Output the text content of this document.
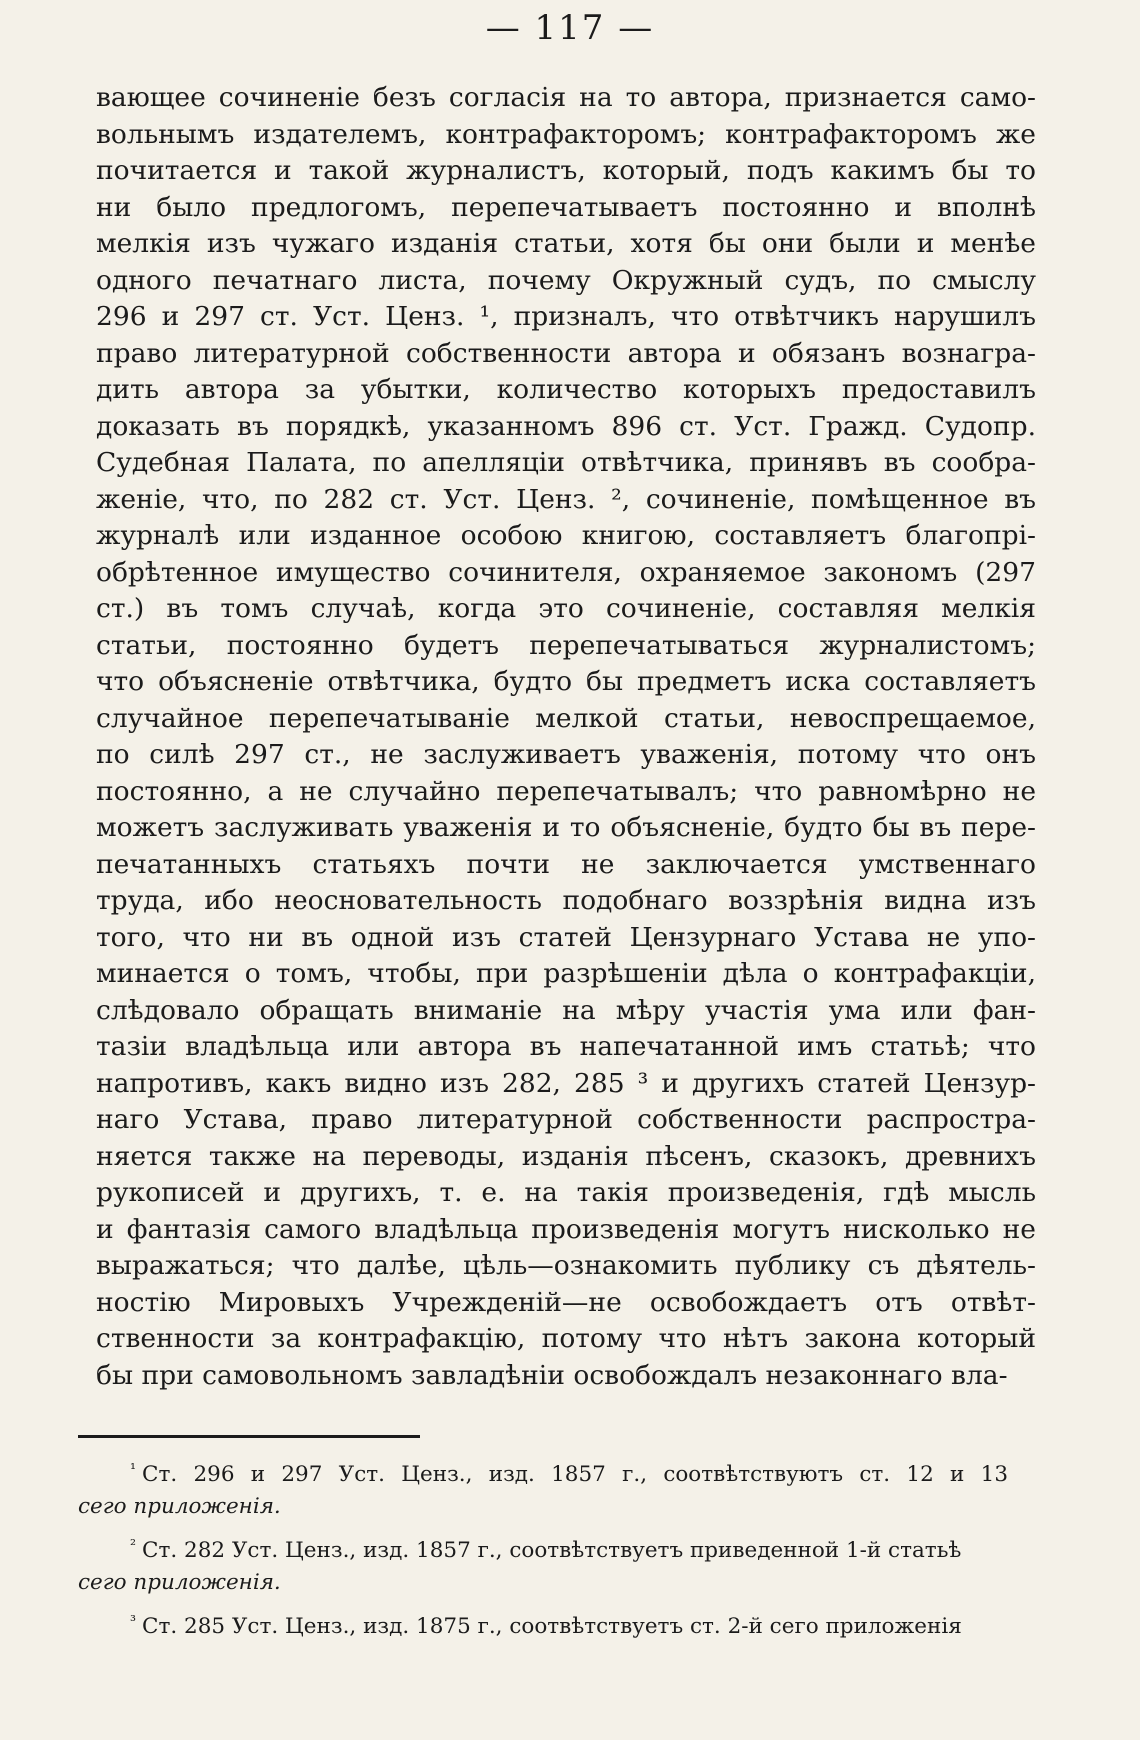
— 117 —
вающее сочиненіе безъ согласія на то автора, признается само-
вольнымъ издателемъ, контрафакторомъ; контрафакторомъ же
почитается и такой журналистъ, который, подъ какимъ бы то
ни было предлогомъ, перепечатываетъ постоянно и вполнѣ
мелкія изъ чужаго изданія статьи, хотя бы они были и менѣе
одного печатнаго листа, почему Окружный судъ, по смыслу
296 и 297 ст. Уст. Ценз. ¹, призналъ, что отвѣтчикъ нарушилъ
право литературной собственности автора и обязанъ вознагра-
дить автора за убытки, количество которыхъ предоставилъ
доказать въ порядкѣ, указанномъ 896 ст. Уст. Гражд. Судопр.
Судебная Палата, по апелляціи отвѣтчика, принявъ въ сообра-
женіе, что, по 282 ст. Уст. Ценз. ², сочиненіе, помѣщенное въ
журналѣ или изданное особою книгою, составляетъ благопрі-
обрѣтенное имущество сочинителя, охраняемое закономъ (297
ст.) въ томъ случаѣ, когда это сочиненіе, составляя мелкія
статьи, постоянно будетъ перепечатываться журналистомъ;
что объясненіе отвѣтчика, будто бы предметъ иска составляетъ
случайное перепечатываніе мелкой статьи, невоспрещаемое,
по силѣ 297 ст., не заслуживаетъ уваженія, потому что онъ
постоянно, а не случайно перепечатывалъ; что равномѣрно не
можетъ заслуживать уваженія и то объясненіе, будто бы въ пере-
печатанныхъ статьяхъ почти не заключается умственнаго
труда, ибо неосновательность подобнаго воззрѣнія видна изъ
того, что ни въ одной изъ статей Цензурнаго Устава не упо-
минается о томъ, чтобы, при разрѣшеніи дѣла о контрафакціи,
слѣдовало обращать вниманіе на мѣру участія ума или фан-
тазіи владѣльца или автора въ напечатанной имъ статьѣ; что
напротивъ, какъ видно изъ 282, 285 ³ и другихъ статей Цензур-
наго Устава, право литературной собственности распростра-
няется также на переводы, изданія пѣсенъ, сказокъ, древнихъ
рукописей и другихъ, т. е. на такія произведенія, гдѣ мысль
и фантазія самого владѣльца произведенія могутъ нисколько не
выражаться; что далѣе, цѣль—ознакомить публику съ дѣятель-
ностію Мировыхъ Учрежденій—не освобождаетъ отъ отвѣт-
ственности за контрафакцію, потому что нѣтъ закона который
бы при самовольномъ завладѣніи освобождалъ незаконнаго вла-
$^{^1}$ Ст. 296 и 297 Уст. Ценз., изд. 1857 г., соотвѣтствуютъ ст. 12 и 13
сего приложенія.
$^{^2}$ Ст. 282 Уст. Ценз., изд. 1857 г., соотвѣтствуетъ приведенной 1-й статьѣ
сего приложенія.
$^{^3}$ Ст. 285 Уст. Ценз., изд. 1875 г., соотвѣтствуетъ ст. 2-й сего приложенія
